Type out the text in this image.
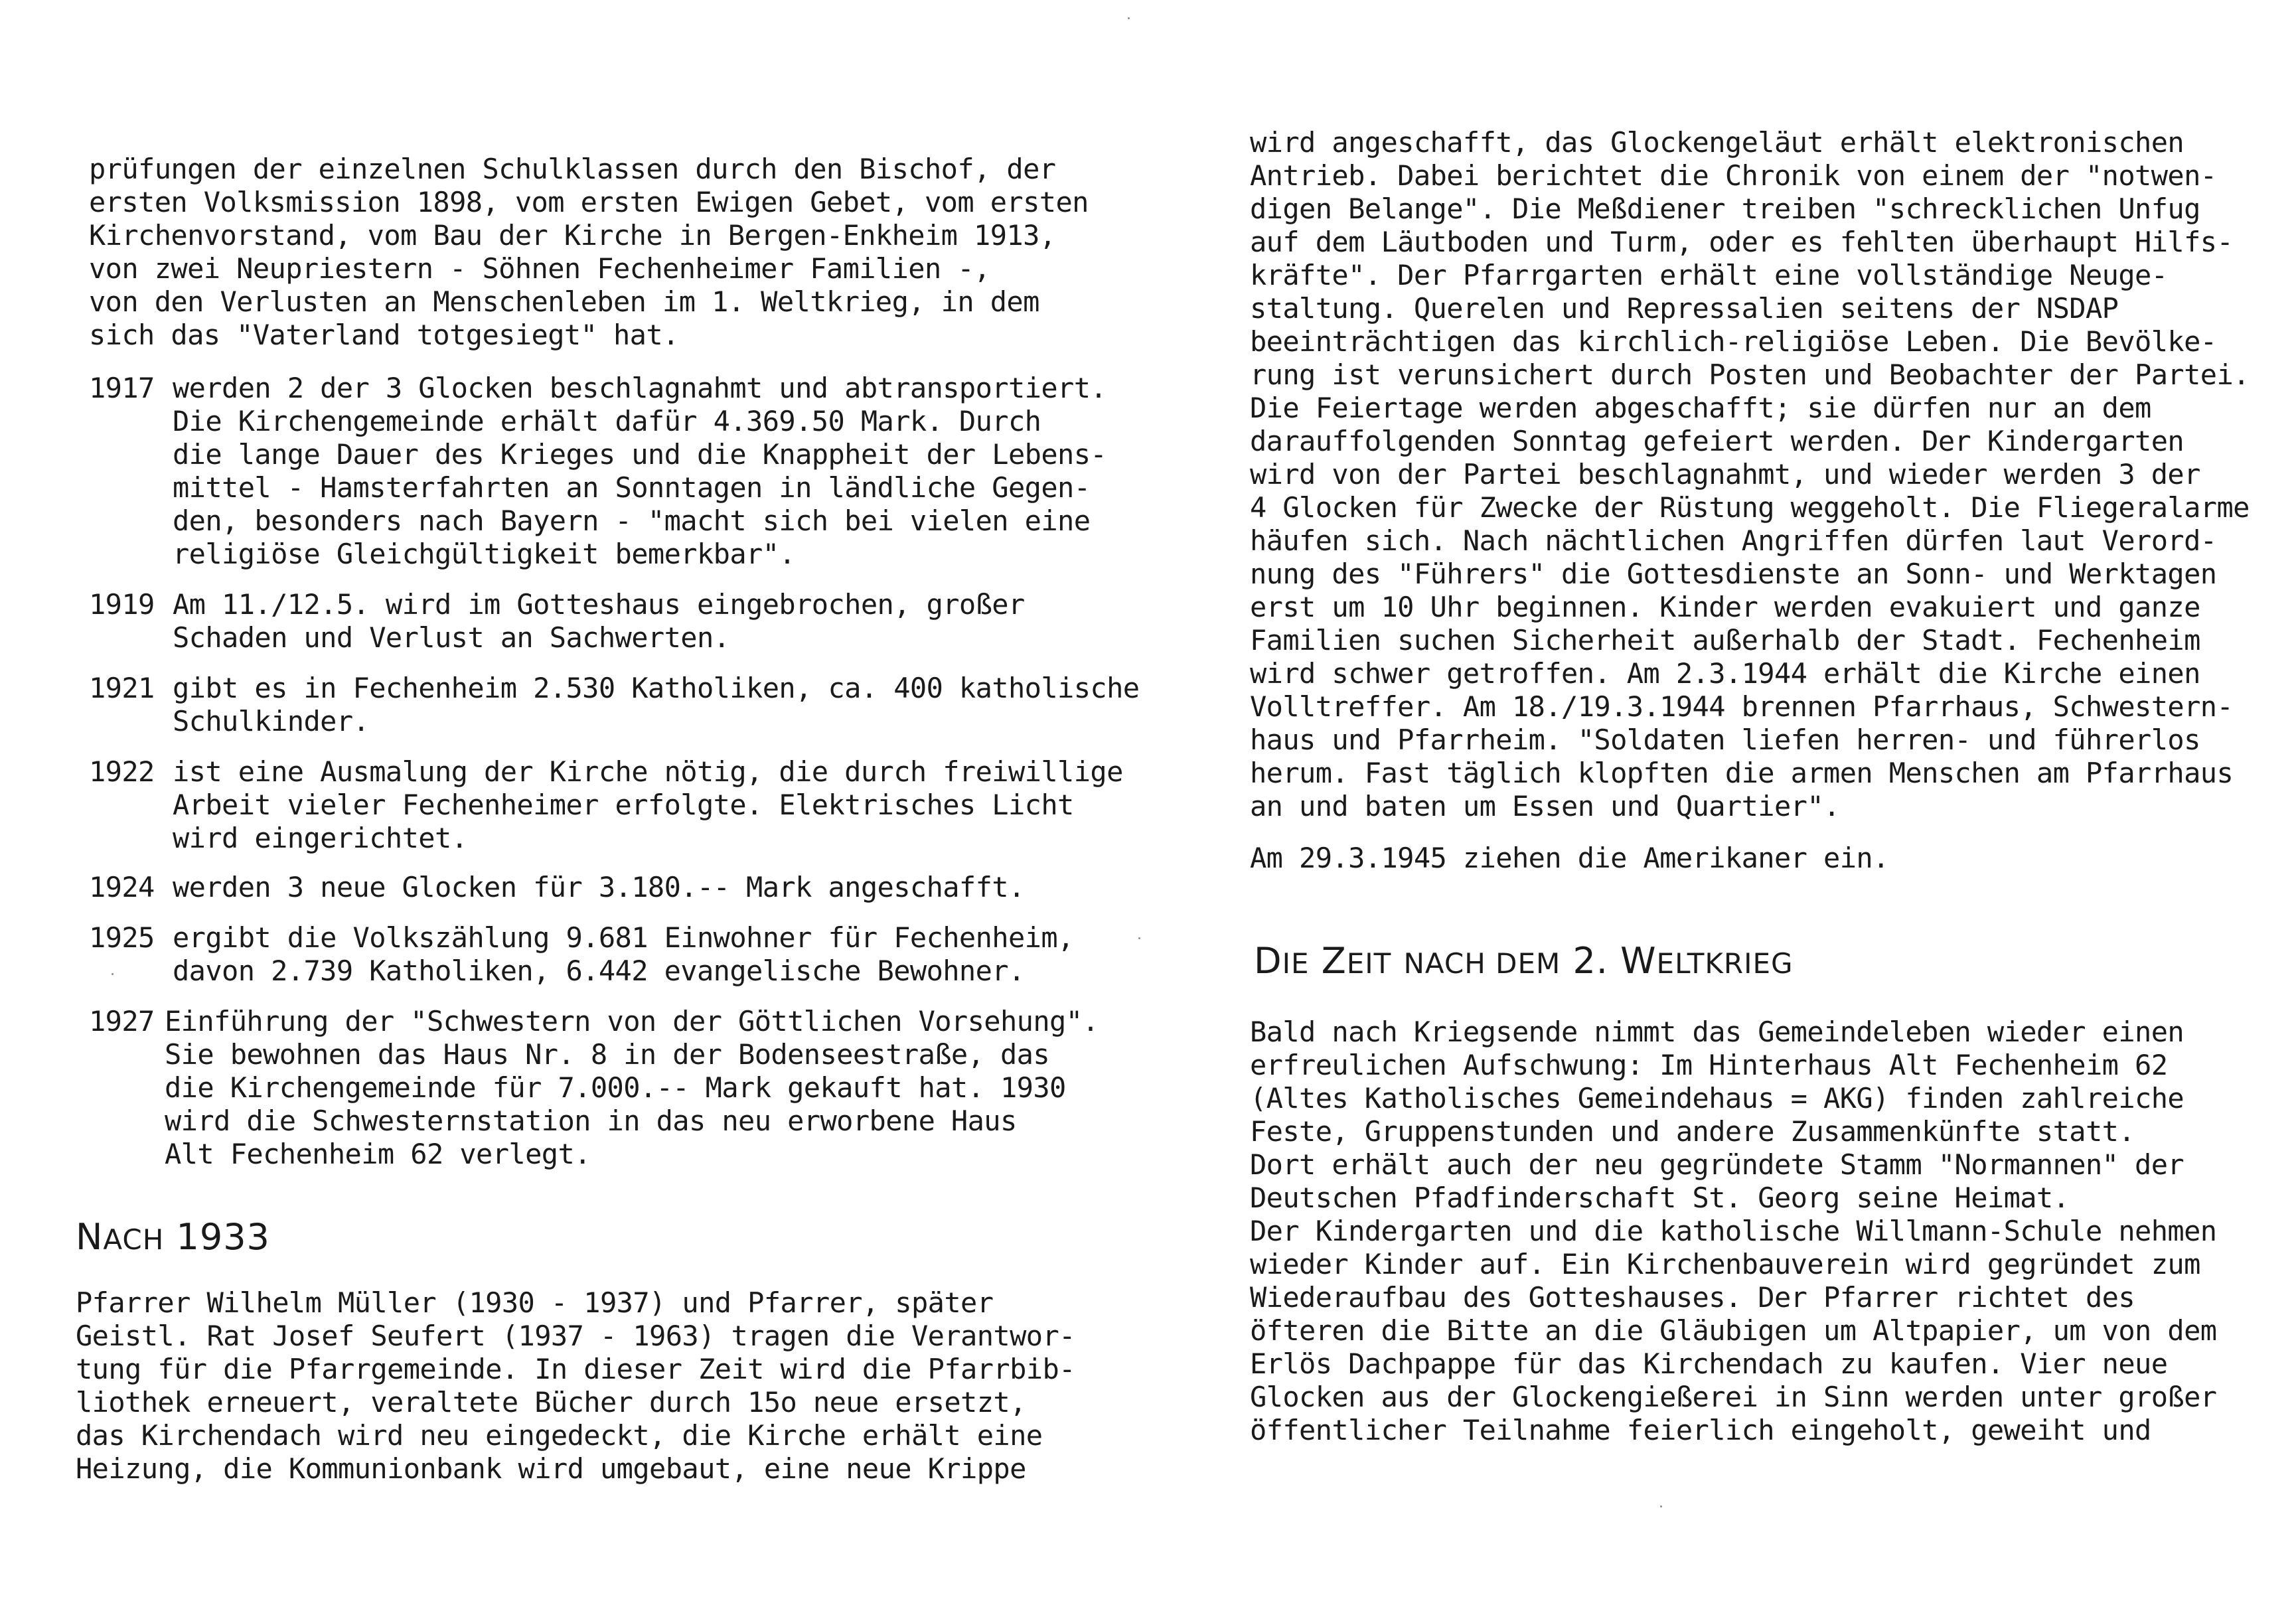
prüfungen der einzelnen Schulklassen durch den Bischof, der
ersten Volksmission 1898, vom ersten Ewigen Gebet, vom ersten
Kirchenvorstand, vom Bau der Kirche in Bergen-Enkheim 1913,
von zwei Neupriestern - Söhnen Fechenheimer Familien -,
von den Verlusten an Menschenleben im 1. Weltkrieg, in dem
sich das "Vaterland totgesiegt" hat.
1917 werden 2 der 3 Glocken beschlagnahmt und abtransportiert.
Die Kirchengemeinde erhält dafür 4.369.50 Mark. Durch
die lange Dauer des Krieges und die Knappheit der Lebens-
mittel - Hamsterfahrten an Sonntagen in ländliche Gegen-
den, besonders nach Bayern - "macht sich bei vielen eine
religiöse Gleichgültigkeit bemerkbar".
1919 Am 11./12.5. wird im Gotteshaus eingebrochen, großer
Schaden und Verlust an Sachwerten.
1921 gibt es in Fechenheim 2.530 Katholiken, ca. 400 katholische
Schulkinder.
1922 ist eine Ausmalung der Kirche nötig, die durch freiwillige
Arbeit vieler Fechenheimer erfolgte. Elektrisches Licht
wird eingerichtet.
1924 werden 3 neue Glocken für 3.180.-- Mark angeschafft.
1925 ergibt die Volkszählung 9.681 Einwohner für Fechenheim,
davon 2.739 Katholiken, 6.442 evangelische Bewohner.
1927 Einführung der "Schwestern von der Göttlichen Vorsehung".
Sie bewohnen das Haus Nr. 8 in der Bodenseestraße, das
die Kirchengemeinde für 7.000.-- Mark gekauft hat. 1930
wird die Schwesternstation in das neu erworbene Haus
Alt Fechenheim 62 verlegt.
NACH 1933
Pfarrer Wilhelm Müller (1930 - 1937) und Pfarrer, später
Geistl. Rat Josef Seufert (1937 - 1963) tragen die Verantwor-
tung für die Pfarrgemeinde. In dieser Zeit wird die Pfarrbib-
liothek erneuert, veraltete Bücher durch 15o neue ersetzt,
das Kirchendach wird neu eingedeckt, die Kirche erhält eine
Heizung, die Kommunionbank wird umgebaut, eine neue Krippe
wird angeschafft, das Glockengeläut erhält elektronischen
Antrieb. Dabei berichtet die Chronik von einem der "notwen-
digen Belange". Die Meßdiener treiben "schrecklichen Unfug
auf dem Läutboden und Turm, oder es fehlten überhaupt Hilfs-
kräfte". Der Pfarrgarten erhält eine vollständige Neuge-
staltung. Querelen und Repressalien seitens der NSDAP
beeinträchtigen das kirchlich-religiöse Leben. Die Bevölke-
rung ist verunsichert durch Posten und Beobachter der Partei.
Die Feiertage werden abgeschafft; sie dürfen nur an dem
darauffolgenden Sonntag gefeiert werden. Der Kindergarten
wird von der Partei beschlagnahmt, und wieder werden 3 der
4 Glocken für Zwecke der Rüstung weggeholt. Die Fliegeralarme
häufen sich. Nach nächtlichen Angriffen dürfen laut Verord-
nung des "Führers" die Gottesdienste an Sonn- und Werktagen
erst um 10 Uhr beginnen. Kinder werden evakuiert und ganze
Familien suchen Sicherheit außerhalb der Stadt. Fechenheim
wird schwer getroffen. Am 2.3.1944 erhält die Kirche einen
Volltreffer. Am 18./19.3.1944 brennen Pfarrhaus, Schwestern-
haus und Pfarrheim. "Soldaten liefen herren- und führerlos
herum. Fast täglich klopften die armen Menschen am Pfarrhaus
an und baten um Essen und Quartier".
Am 29.3.1945 ziehen die Amerikaner ein.
DIE ZEIT NACH DEM 2. WELTKRIEG
Bald nach Kriegsende nimmt das Gemeindeleben wieder einen
erfreulichen Aufschwung: Im Hinterhaus Alt Fechenheim 62
(Altes Katholisches Gemeindehaus = AKG) finden zahlreiche
Feste, Gruppenstunden und andere Zusammenkünfte statt.
Dort erhält auch der neu gegründete Stamm "Normannen" der
Deutschen Pfadfinderschaft St. Georg seine Heimat.
Der Kindergarten und die katholische Willmann-Schule nehmen
wieder Kinder auf. Ein Kirchenbauverein wird gegründet zum
Wiederaufbau des Gotteshauses. Der Pfarrer richtet des
öfteren die Bitte an die Gläubigen um Altpapier, um von dem
Erlös Dachpappe für das Kirchendach zu kaufen. Vier neue
Glocken aus der Glockengießerei in Sinn werden unter großer
öffentlicher Teilnahme feierlich eingeholt, geweiht und
